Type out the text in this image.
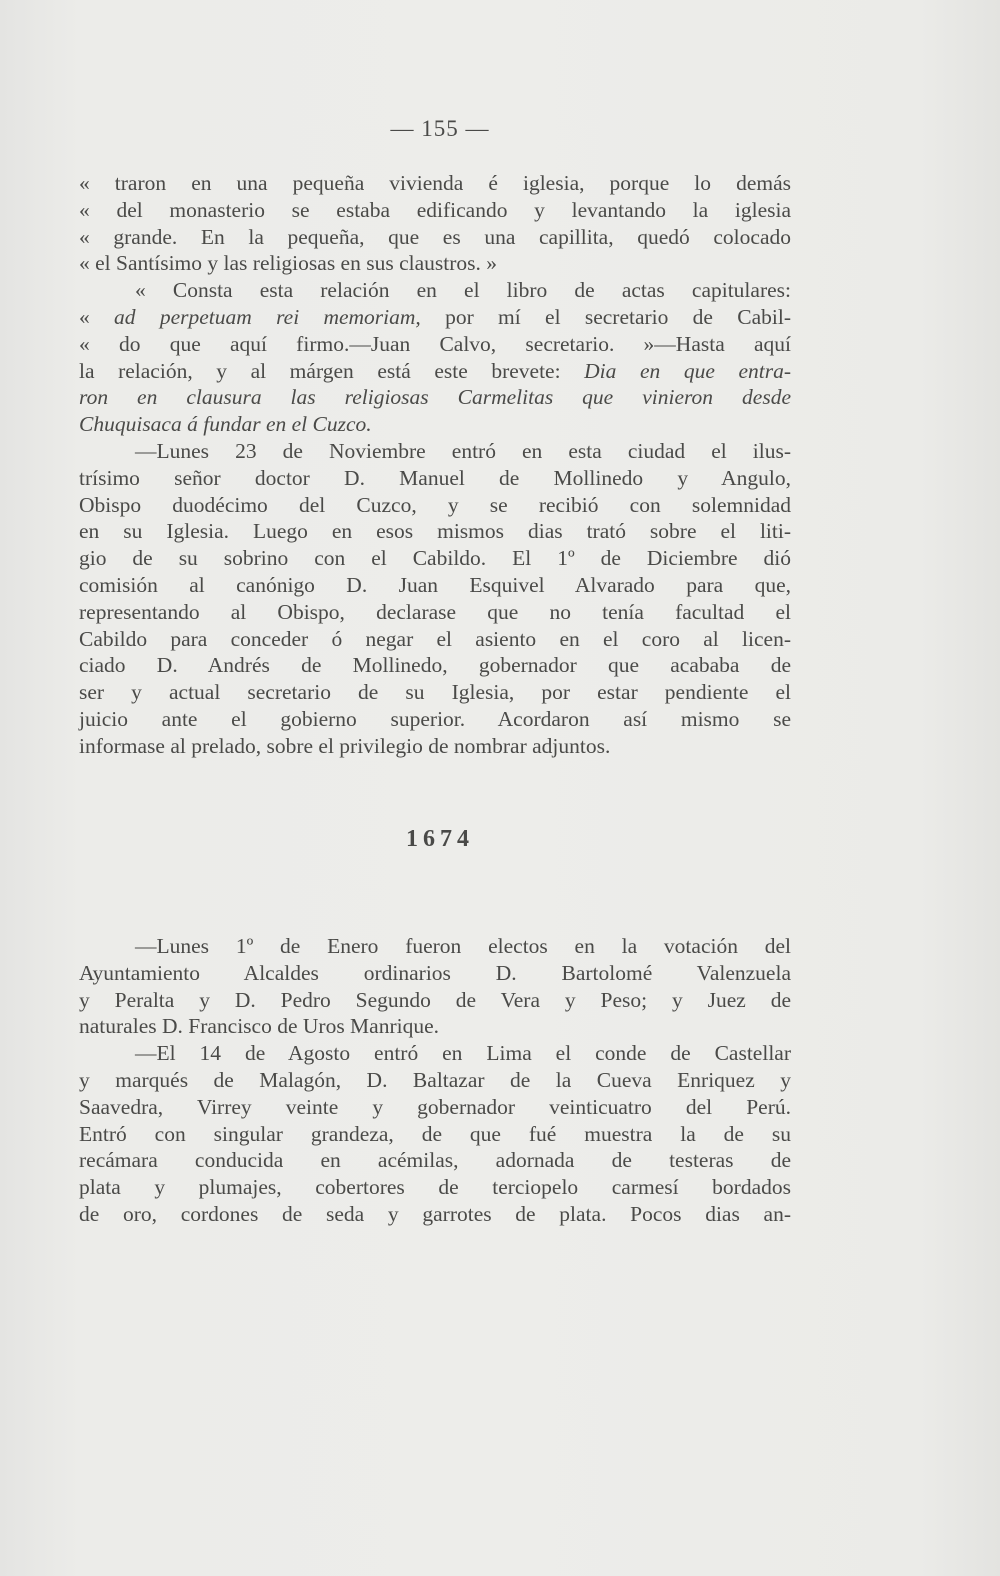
— 155 —
« traron en una pequeña vivienda é iglesia, porque lo demás
« del monasterio se estaba edificando y levantando la iglesia
« grande. En la pequeña, que es una capillita, quedó colocado
« el Santísimo y las religiosas en sus claustros. »
« Consta esta relación en el libro de actas capitulares:
« ad perpetuam rei memoriam, por mí el secretario de Cabil-
« do que aquí firmo.—Juan Calvo, secretario. »—Hasta aquí
la relación, y al márgen está este brevete: Dia en que entra-
ron en clausura las religiosas Carmelitas que vinieron desde
Chuquisaca á fundar en el Cuzco.
—Lunes 23 de Noviembre entró en esta ciudad el ilus-
trísimo señor doctor D. Manuel de Mollinedo y Angulo,
Obispo duodécimo del Cuzco, y se recibió con solemnidad
en su Iglesia. Luego en esos mismos dias trató sobre el liti-
gio de su sobrino con el Cabildo. El 1º de Diciembre dió
comisión al canónigo D. Juan Esquivel Alvarado para que,
representando al Obispo, declarase que no tenía facultad el
Cabildo para conceder ó negar el asiento en el coro al licen-
ciado D. Andrés de Mollinedo, gobernador que acababa de
ser y actual secretario de su Iglesia, por estar pendiente el
juicio ante el gobierno superior. Acordaron así mismo se
informase al prelado, sobre el privilegio de nombrar adjuntos.
1674
—Lunes 1º de Enero fueron electos en la votación del
Ayuntamiento Alcaldes ordinarios D. Bartolomé Valenzuela
y Peralta y D. Pedro Segundo de Vera y Peso; y Juez de
naturales D. Francisco de Uros Manrique.
—El 14 de Agosto entró en Lima el conde de Castellar
y marqués de Malagón, D. Baltazar de la Cueva Enriquez y
Saavedra, Virrey veinte y gobernador veinticuatro del Perú.
Entró con singular grandeza, de que fué muestra la de su
recámara conducida en acémilas, adornada de testeras de
plata y plumajes, cobertores de terciopelo carmesí bordados
de oro, cordones de seda y garrotes de plata. Pocos dias an-
